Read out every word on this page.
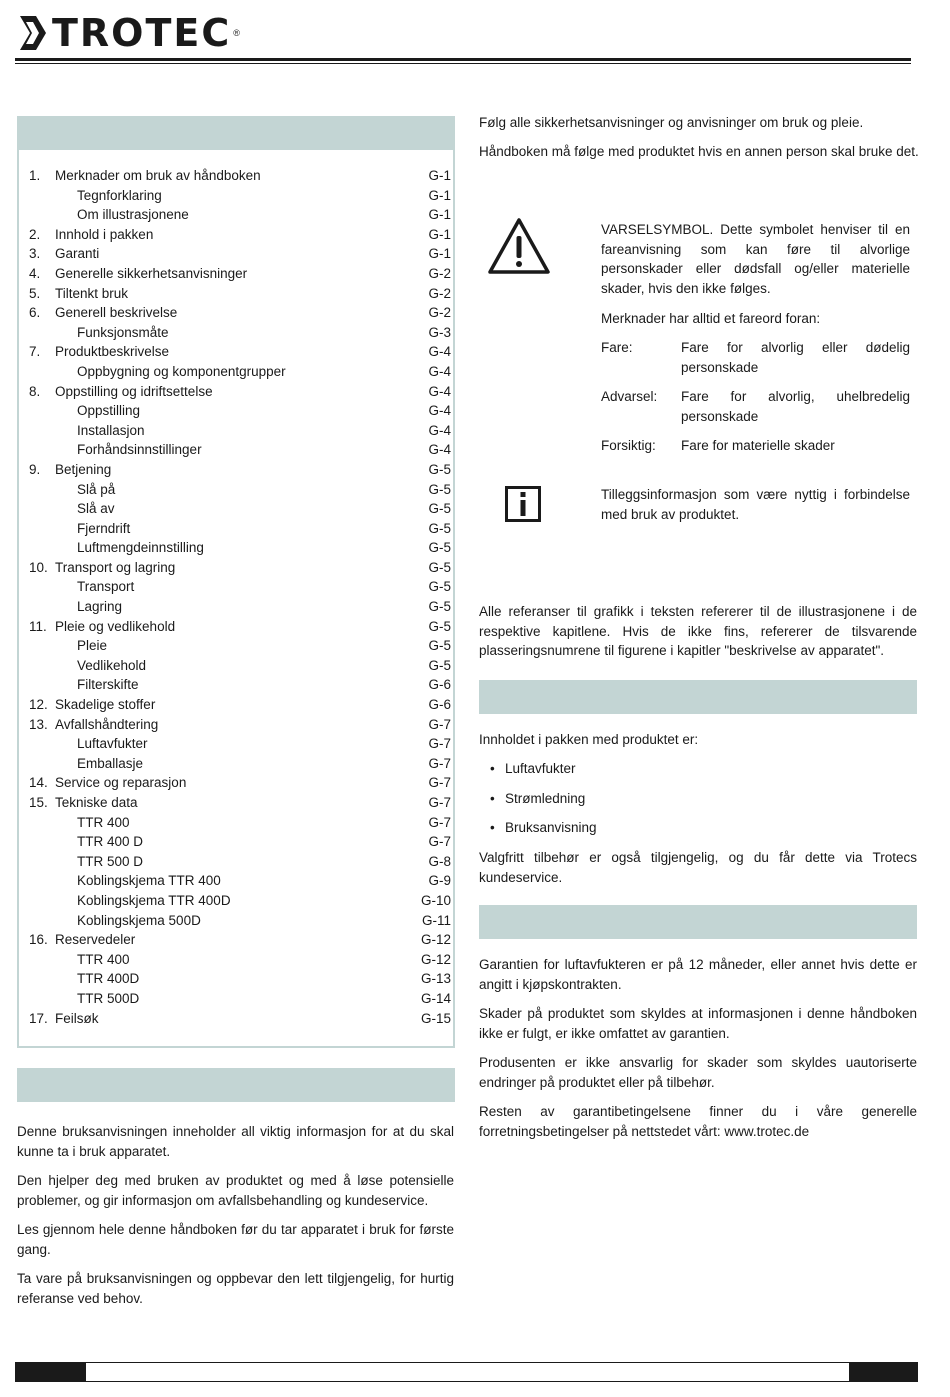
TROTEC ®
1. Merknader om bruk av håndboken	G-1
Tegnforklaring	G-1
Om illustrasjonene	G-1
2. Innhold i pakken	G-1
3. Garanti	G-1
4. Generelle sikkerhetsanvisninger	G-2
5. Tiltenkt bruk	G-2
6. Generell beskrivelse	G-2
Funksjonsmåte	G-3
7. Produktbeskrivelse	G-4
Oppbygning og komponentgrupper	G-4
8. Oppstilling og idriftsettelse	G-4
Oppstilling	G-4
Installasjon	G-4
Forhåndsinnstillinger	G-4
9. Betjening	G-5
Slå på	G-5
Slå av	G-5
Fjerndrift	G-5
Luftmengdeinnstilling	G-5
10. Transport og lagring	G-5
Transport	G-5
Lagring	G-5
11. Pleie og vedlikehold	G-5
Pleie	G-5
Vedlikehold	G-5
Filterskifte	G-6
12. Skadelige stoffer	G-6
13. Avfallshåndtering	G-7
Luftavfukter	G-7
Emballasje	G-7
14. Service og reparasjon	G-7
15. Tekniske data	G-7
TTR 400	G-7
TTR 400 D	G-7
TTR 500 D	G-8
Koblingskjema TTR 400	G-9
Koblingskjema TTR 400D	G-10
Koblingskjema 500D	G-11
16. Reservedeler	G-12
TTR 400	G-12
TTR 400D	G-13
TTR 500D	G-14
17. Feilsøk	G-15
Denne bruksanvisningen inneholder all viktig informasjon for at du skal kunne ta i bruk apparatet.
Den hjelper deg med bruken av produktet og med å løse potensielle problemer, og gir informasjon om avfallsbehandling og kundeservice.
Les gjennom hele denne håndboken før du tar apparatet i bruk for første gang.
Ta vare på bruksanvisningen og oppbevar den lett tilgjengelig, for hurtig referanse ved behov.
Følg alle sikkerhetsanvisninger og anvisninger om bruk og pleie.
Håndboken må følge med produktet hvis en annen person skal bruke det.
VARSELSYMBOL. Dette symbolet henviser til en fareanvisning som kan føre til alvorlige personskader eller dødsfall og/eller materielle skader, hvis den ikke følges.
Merknader har alltid et fareord foran:
Fare:	Fare for alvorlig eller dødelig personskade
Advarsel: Fare for alvorlig, uhelbredelig personskade
Forsiktig: Fare for materielle skader
Tilleggsinformasjon som være nyttig i forbindelse med bruk av produktet.
Alle referanser til grafikk i teksten refererer til de illustrasjonene i de respektive kapitlene. Hvis de ikke fins, refererer de tilsvarende plasseringsnumrene til figurene i kapitler "beskrivelse av apparatet".
Innholdet i pakken med produktet er:
• Luftavfukter
• Strømledning
• Bruksanvisning
Valgfritt tilbehør er også tilgjengelig, og du får dette via Trotecs kundeservice.
Garantien for luftavfukteren er på 12 måneder, eller annet hvis dette er angitt i kjøpskontrakten.
Skader på produktet som skyldes at informasjonen i denne håndboken ikke er fulgt, er ikke omfattet av garantien.
Produsenten er ikke ansvarlig for skader som skyldes uautoriserte endringer på produktet eller på tilbehør.
Resten av garantibetingelsene finner du i våre generelle forretningsbetingelser på nettstedet vårt: www.trotec.de
